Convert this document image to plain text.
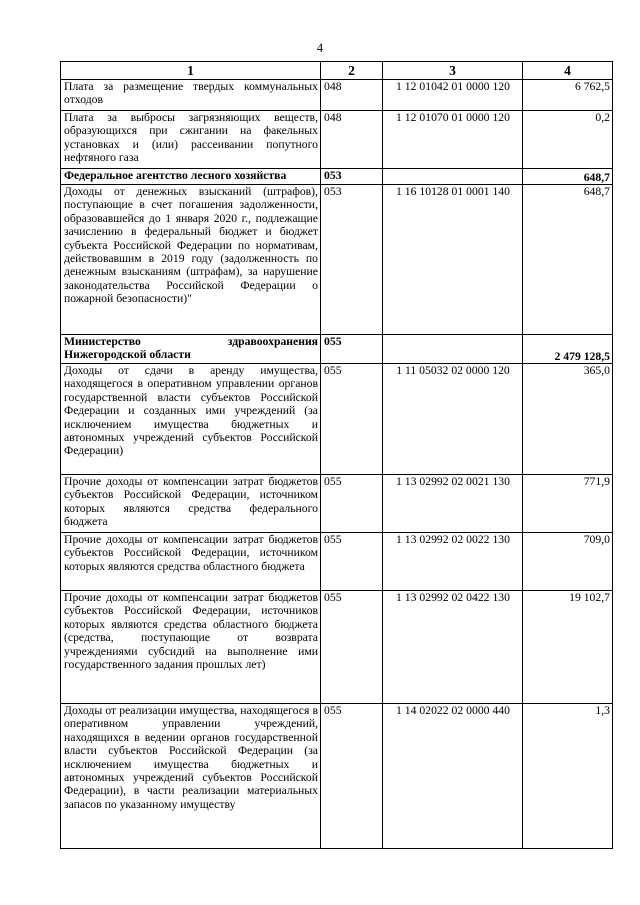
4
1	2	3	4
Плата за размещение твердых коммунальных отходов	048	1 12 01042 01 0000 120	6 762,5
Плата за выбросы загрязняющих веществ, образующихся при сжигании на факельных установках и (или) рассеивании попутного нефтяного газа	048	1 12 01070 01 0000 120	0,2
Федеральное агентство лесного хозяйства	053		648,7
Доходы от денежных взысканий (штрафов), поступающие в счет погашения задолженности, образовавшейся до 1 января 2020 г., подлежащие зачислению в федеральный бюджет и бюджет субъекта Российской Федерации по нормативам, действовавшим в 2019 году (задолженность по денежным взысканиям (штрафам), за нарушение законодательства Российской Федерации о пожарной безопасности)"	053	1 16 10128 01 0001 140	648,7
Министерство здравоохранения Нижегородской области	055		2 479 128,5
Доходы от сдачи в аренду имущества, находящегося в оперативном управлении органов государственной власти субъектов Российской Федерации и созданных ими учреждений (за исключением имущества бюджетных и автономных учреждений субъектов Российской Федерации)	055	1 11 05032 02 0000 120	365,0
Прочие доходы от компенсации затрат бюджетов субъектов Российской Федерации, источником которых являются средства федерального бюджета	055	1 13 02992 02 0021 130	771,9
Прочие доходы от компенсации затрат бюджетов субъектов Российской Федерации, источником которых являются средства областного бюджета	055	1 13 02992 02 0022 130	709,0
Прочие доходы от компенсации затрат бюджетов субъектов Российской Федерации, источников которых являются средства областного бюджета (средства, поступающие от возврата учреждениями субсидий на выполнение ими государственного задания прошлых лет)	055	1 13 02992 02 0422 130	19 102,7
Доходы от реализации имущества, находящегося в оперативном управлении учреждений, находящихся в ведении органов государственной власти субъектов Российской Федерации (за исключением имущества бюджетных и автономных учреждений субъектов Российской Федерации), в части реализации материальных запасов по указанному имуществу	055	1 14 02022 02 0000 440	1,3
